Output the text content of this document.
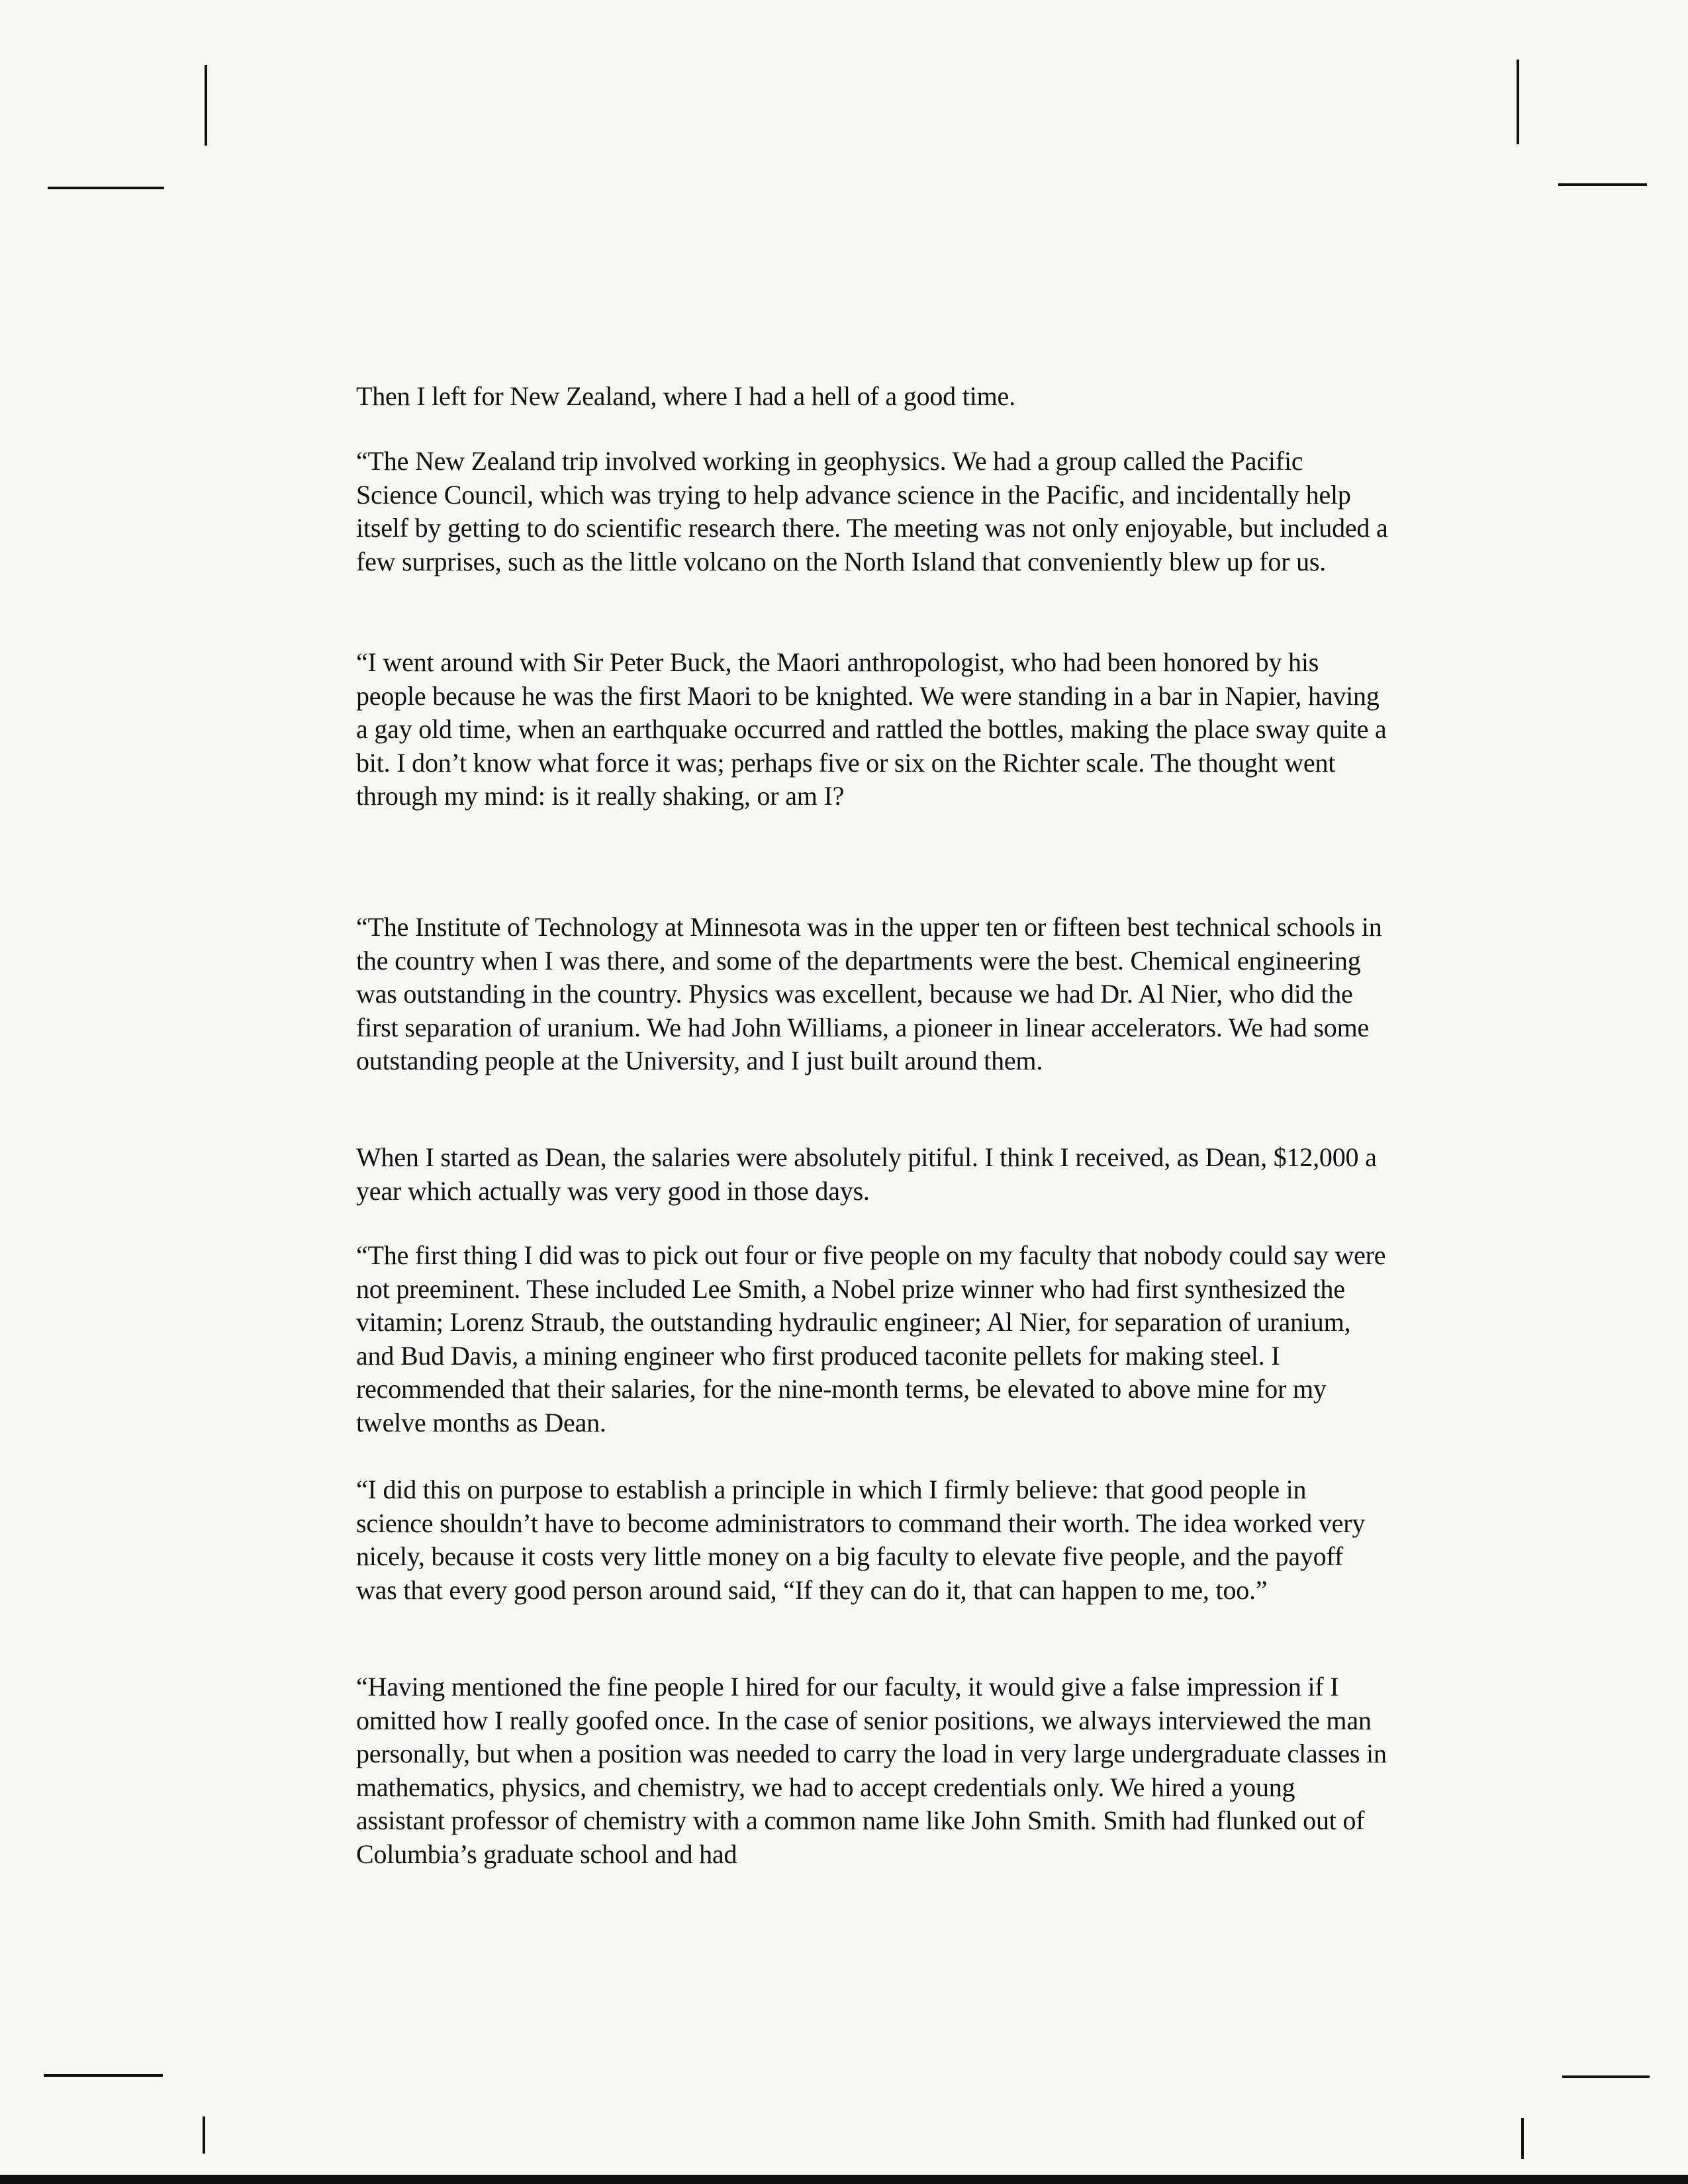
Then I left for New Zealand, where I had a hell of a good time.

“The New Zealand trip involved working in geophysics. We had a group called the Pacific Science Council, which was trying to help advance science in the Pacific, and incidentally help itself by getting to do scientific research there. The meeting was not only enjoyable, but included a few surprises, such as the little volcano on the North Island that conveniently blew up for us.

“I went around with Sir Peter Buck, the Maori anthropologist, who had been honored by his people because he was the first Maori to be knighted. We were standing in a bar in Napier, having a gay old time, when an earthquake occurred and rattled the bottles, making the place sway quite a bit. I don’t know what force it was; perhaps five or six on the Richter scale. The thought went through my mind: is it really shaking, or am I?

“The Institute of Technology at Minnesota was in the upper ten or fifteen best technical schools in the country when I was there, and some of the departments were the best. Chemical engineering was outstanding in the country. Physics was excellent, because we had Dr. Al Nier, who did the first separation of uranium. We had John Williams, a pioneer in linear accelerators. We had some outstanding people at the University, and I just built around them.

When I started as Dean, the salaries were absolutely pitiful. I think I received, as Dean, $12,000 a year which actually was very good in those days.

“The first thing I did was to pick out four or five people on my faculty that nobody could say were not preeminent. These included Lee Smith, a Nobel prize winner who had first synthesized the vitamin; Lorenz Straub, the outstanding hydraulic engineer; Al Nier, for separation of uranium, and Bud Davis, a mining engineer who first produced taconite pellets for making steel. I recommended that their salaries, for the nine-month terms, be elevated to above mine for my twelve months as Dean.

“I did this on purpose to establish a principle in which I firmly believe: that good people in science shouldn’t have to become administrators to command their worth. The idea worked very nicely, because it costs very little money on a big faculty to elevate five people, and the payoff was that every good person around said, “If they can do it, that can happen to me, too.”

“Having mentioned the fine people I hired for our faculty, it would give a false impression if I omitted how I really goofed once. In the case of senior positions, we always interviewed the man personally, but when a position was needed to carry the load in very large undergraduate classes in mathematics, physics, and chemistry, we had to accept credentials only. We hired a young assistant professor of chemistry with a common name like John Smith. Smith had flunked out of Columbia’s graduate school and had
